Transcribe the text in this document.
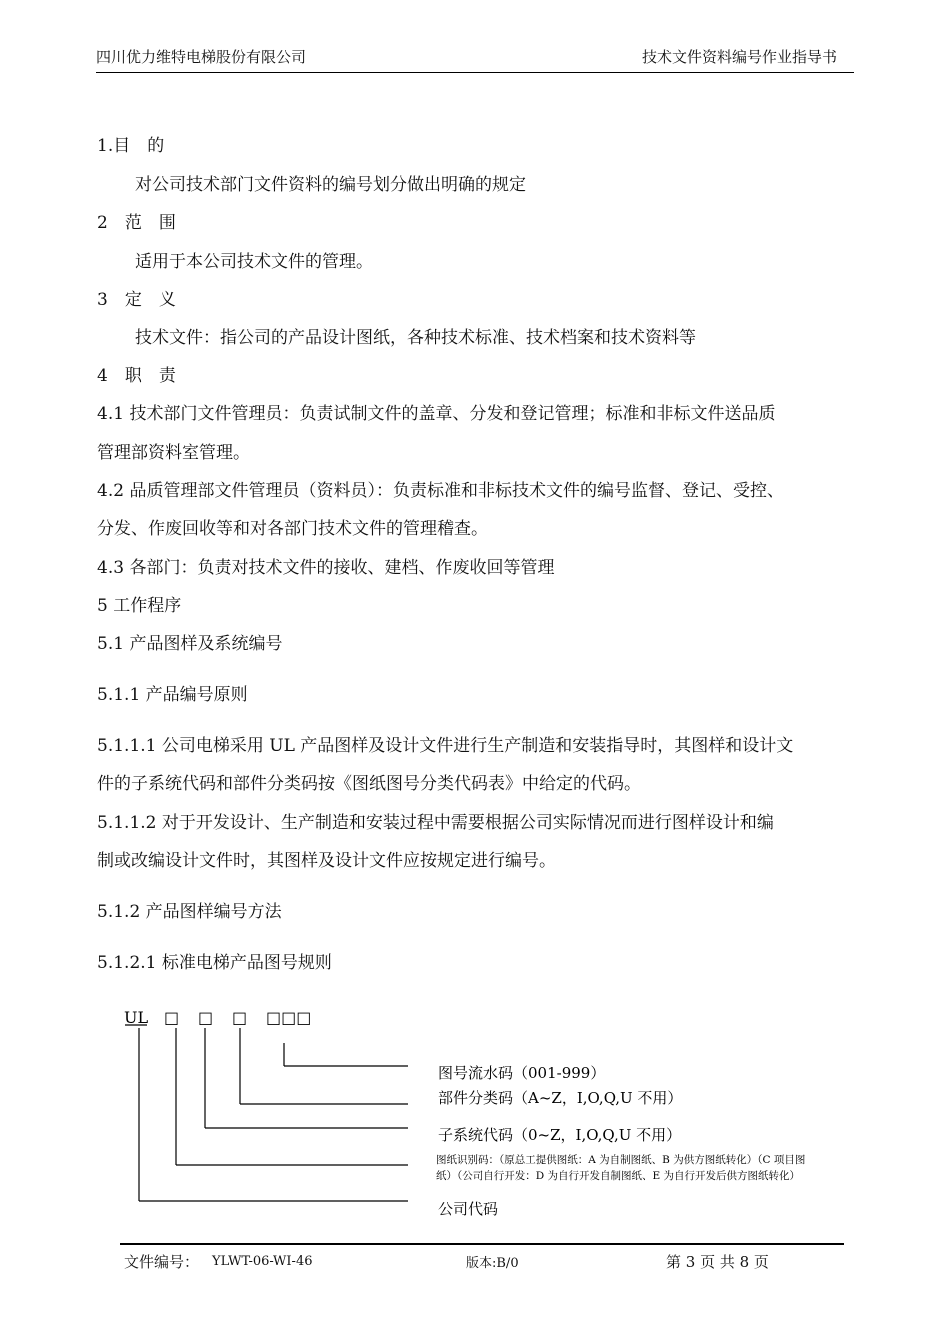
四川优力维特电梯股份有限公司	技术文件资料编号作业指导书
1.目　的
对公司技术部门文件资料的编号划分做出明确的规定
2　范　围
适用于本公司技术文件的管理。
3　定　义
技术文件：指公司的产品设计图纸，各种技术标准、技术档案和技术资料等
4　职　责
4.1 技术部门文件管理员：负责试制文件的盖章、分发和登记管理；标准和非标文件送品质
管理部资料室管理。
4.2 品质管理部文件管理员（资料员）：负责标准和非标技术文件的编号监督、登记、受控、
分发、作废回收等和对各部门技术文件的管理稽查。
4.3 各部门：负责对技术文件的接收、建档、作废收回等管理
5 工作程序
5.1 产品图样及系统编号
5.1.1 产品编号原则
5.1.1.1 公司电梯采用 UL 产品图样及设计文件进行生产制造和安装指导时，其图样和设计文
件的子系统代码和部件分类码按《图纸图号分类代码表》中给定的代码。
5.1.1.2 对于开发设计、生产制造和安装过程中需要根据公司实际情况而进行图样设计和编
制或改编设计文件时，其图样及设计文件应按规定进行编号。
5.1.2 产品图样编号方法
5.1.2.1 标准电梯产品图号规则
UL □ □ □ □□□
图号流水码（001-999）
部件分类码（A~Z，I,O,Q,U 不用）
子系统代码（0~Z，I,O,Q,U 不用）
图纸识别码：（原总工提供图纸：A 为自制图纸、B 为供方图纸转化）（C 项目图
纸）（公司自行开发：D 为自行开发自制图纸、E 为自行开发后供方图纸转化）
公司代码
文件编号： YLWT-06-WI-46	版本:B/0	第 3 页 共 8 页
